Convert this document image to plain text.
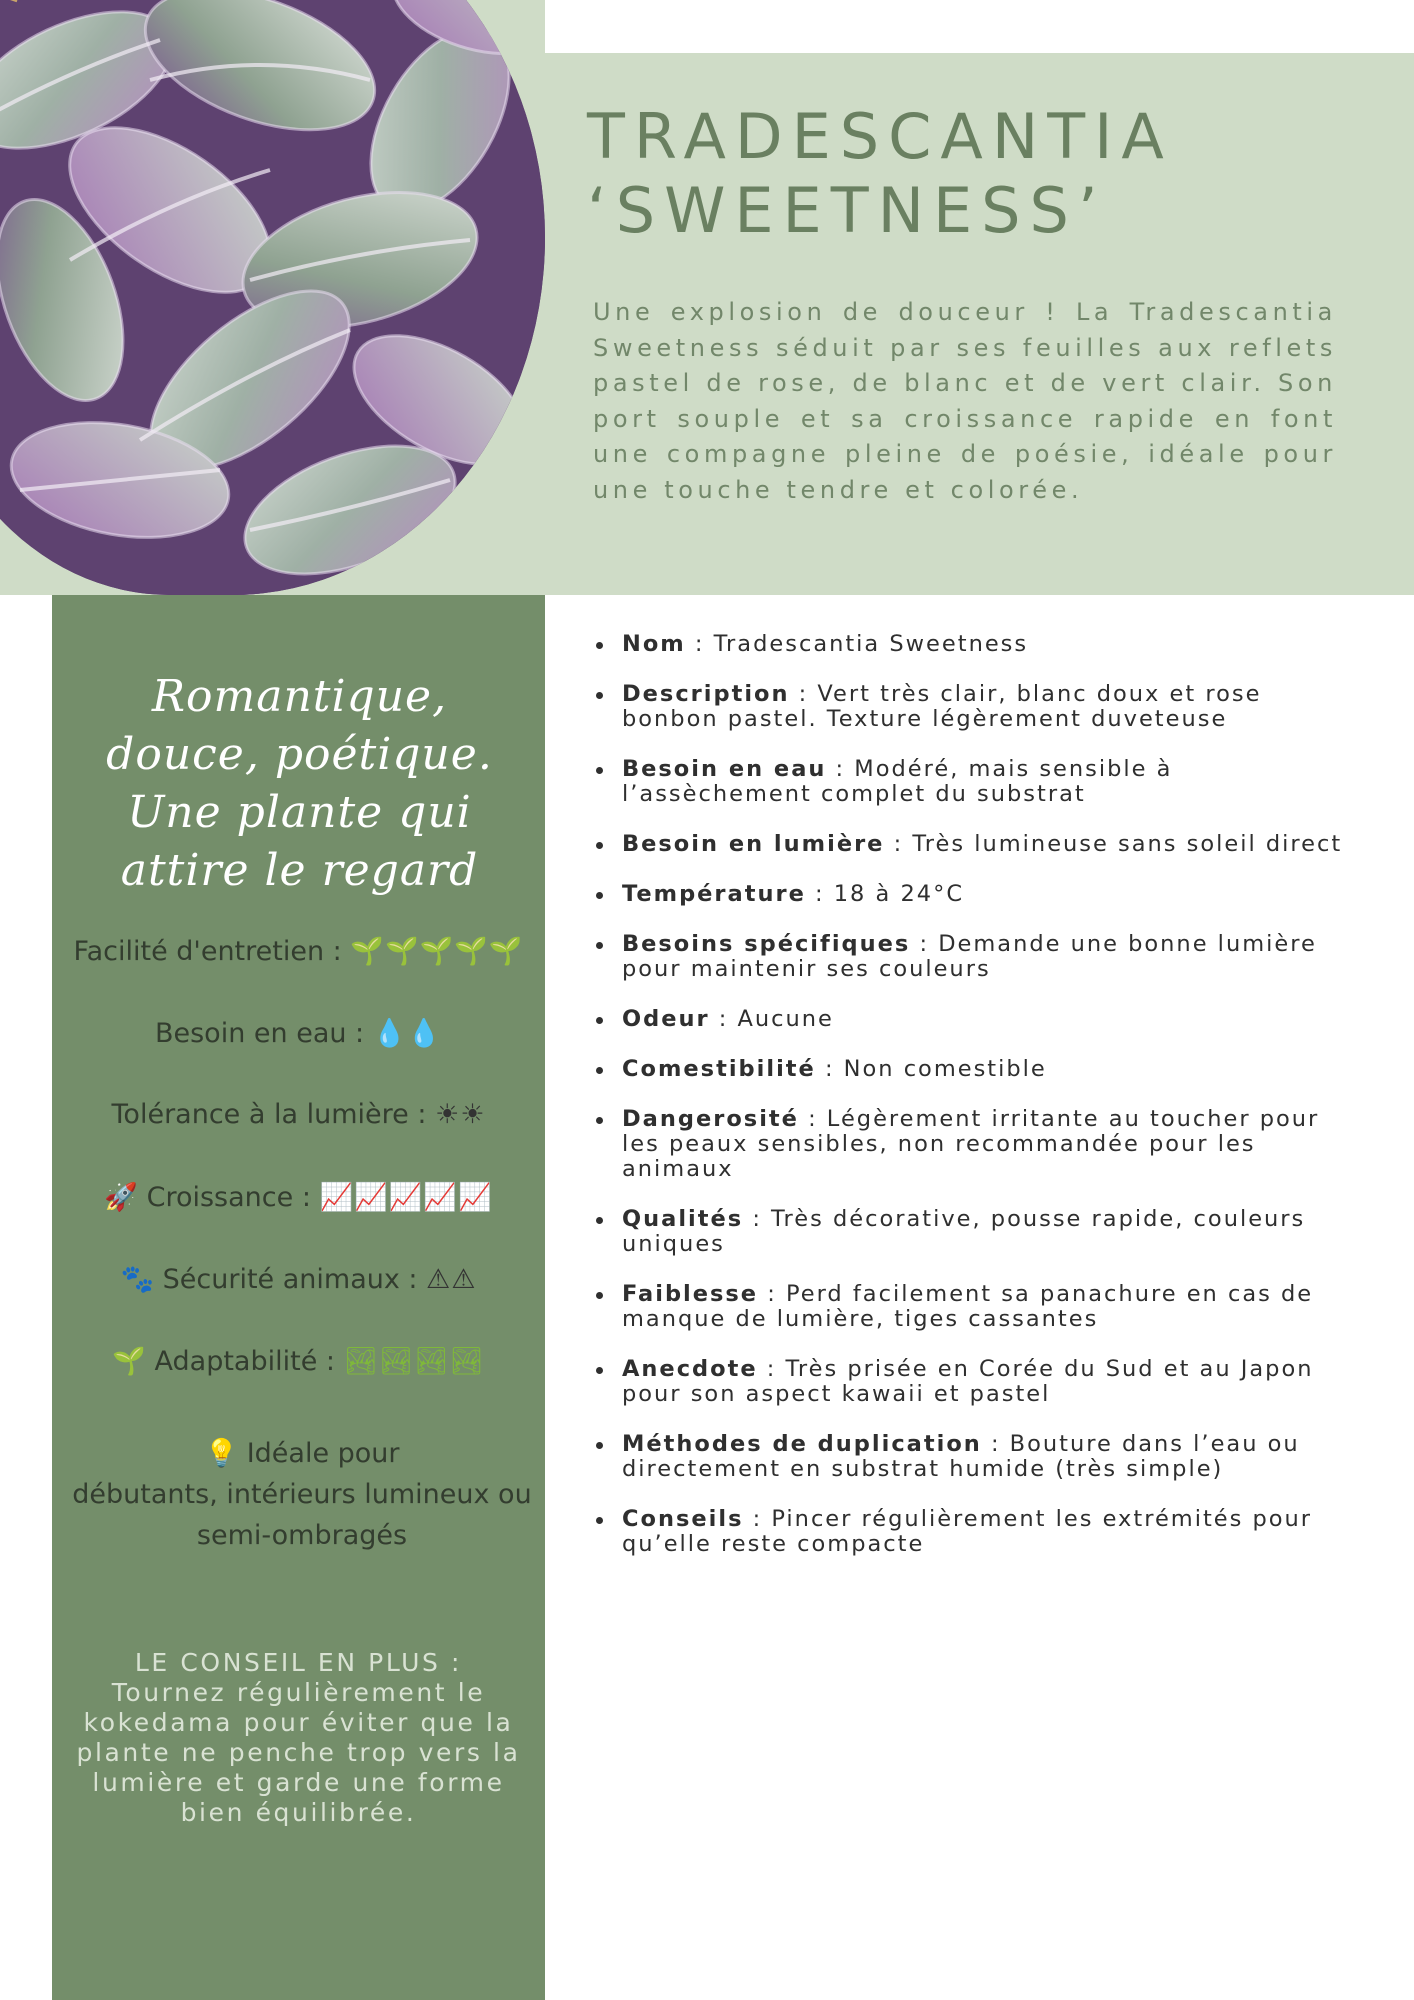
TRADESCANTIA
‘SWEETNESS’

Une explosion de douceur ! La Tradescantia Sweetness séduit par ses feuilles aux reflets pastel de rose, de blanc et de vert clair. Son port souple et sa croissance rapide en font une compagne pleine de poésie, idéale pour une touche tendre et colorée.

Romantique, douce, poétique. Une plante qui attire le regard

Facilité d'entretien : 🌱🌱🌱🌱🌱
Besoin en eau : 💧💧
Tolérance à la lumière : ☀☀
🚀 Croissance : 📈📈📈📈📈
🐾 Sécurité animaux : ⚠⚠
🌱 Adaptabilité : 🏞🏞🏞🏞
💡 Idéale pour
débutants, intérieurs lumineux ou
semi-ombragés
LE CONSEIL EN PLUS :
Tournez régulièrement le kokedama pour éviter que la plante ne penche trop vers la lumière et garde une forme bien équilibrée.
Nom : Tradescantia Sweetness
Description : Vert très clair, blanc doux et rose bonbon pastel. Texture légèrement duveteuse
Besoin en eau : Modéré, mais sensible à l’assèchement complet du substrat
Besoin en lumière : Très lumineuse sans soleil direct
Température : 18 à 24°C
Besoins spécifiques : Demande une bonne lumière pour maintenir ses couleurs
Odeur : Aucune
Comestibilité : Non comestible
Dangerosité : Légèrement irritante au toucher pour les peaux sensibles, non recommandée pour les animaux
Qualités : Très décorative, pousse rapide, couleurs uniques
Faiblesse : Perd facilement sa panachure en cas de manque de lumière, tiges cassantes
Anecdote : Très prisée en Corée du Sud et au Japon pour son aspect kawaii et pastel
Méthodes de duplication : Bouture dans l’eau ou directement en substrat humide (très simple)
Conseils : Pincer régulièrement les extrémités pour qu’elle reste compacte
